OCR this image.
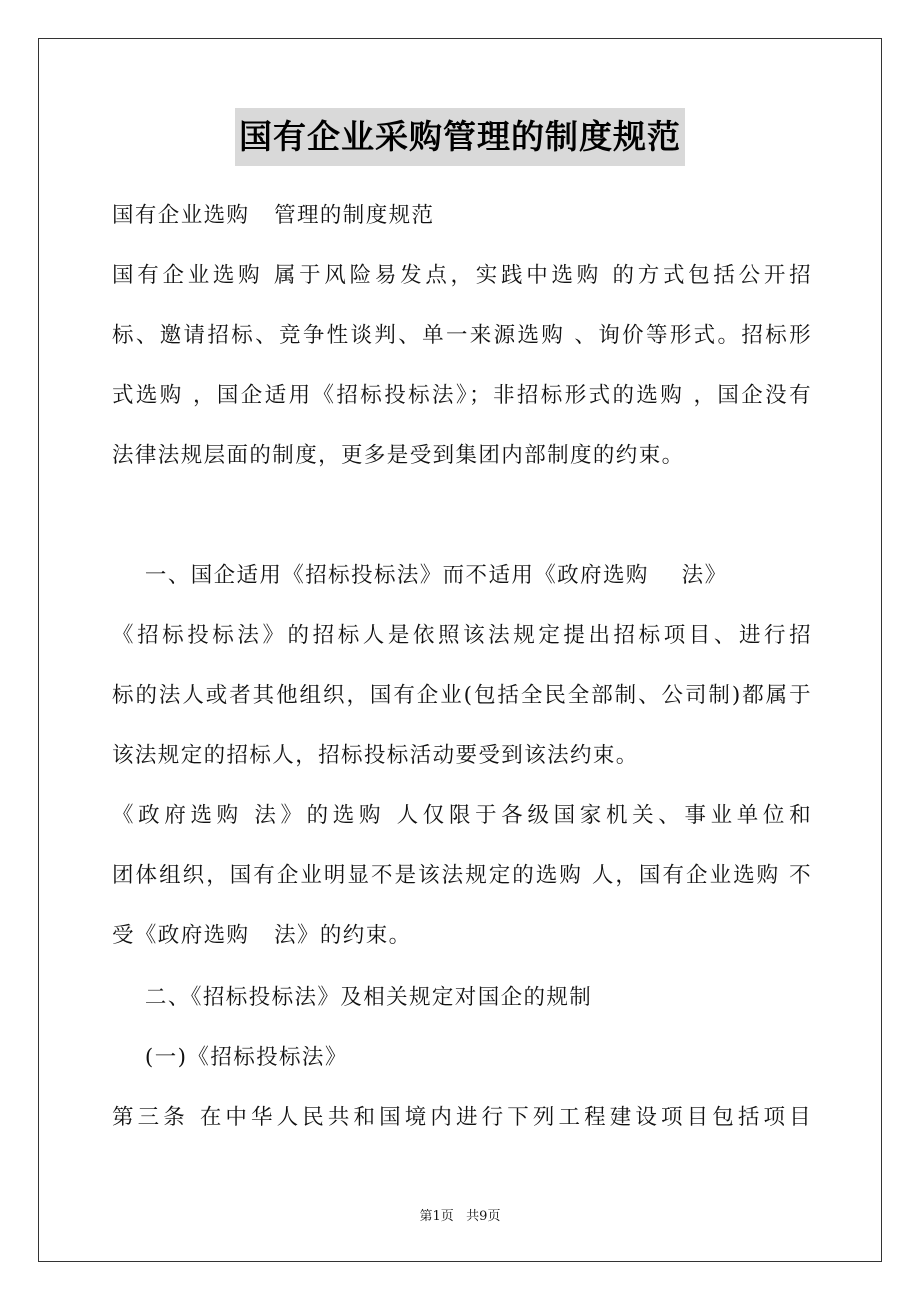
国有企业采购管理的制度规范
国有企业选购   管理的制度规范
国有企业选购 属于风险易发点，实践中选购 的方式包括公开招
标、邀请招标、竞争性谈判、单一来源选购 、询价等形式。招标形
式选购 ，国企适用《招标投标法》；非招标形式的选购 ，国企没有
法律法规层面的制度，更多是受到集团内部制度的约束。
一、国企适用《招标投标法》而不适用《政府选购    法》
《招标投标法》的招标人是依照该法规定提出招标项目、进行招
标的法人或者其他组织，国有企业(包括全民全部制、公司制)都属于
该法规定的招标人，招标投标活动要受到该法约束。
《政府选购 法》的选购 人仅限于各级国家机关、事业单位和
团体组织，国有企业明显不是该法规定的选购 人，国有企业选购 不
受《政府选购   法》的约束。
二、《招标投标法》及相关规定对国企的规制
(一)《招标投标法》
第三条 在中华人民共和国境内进行下列工程建设项目包括项目
第1页   共9页
